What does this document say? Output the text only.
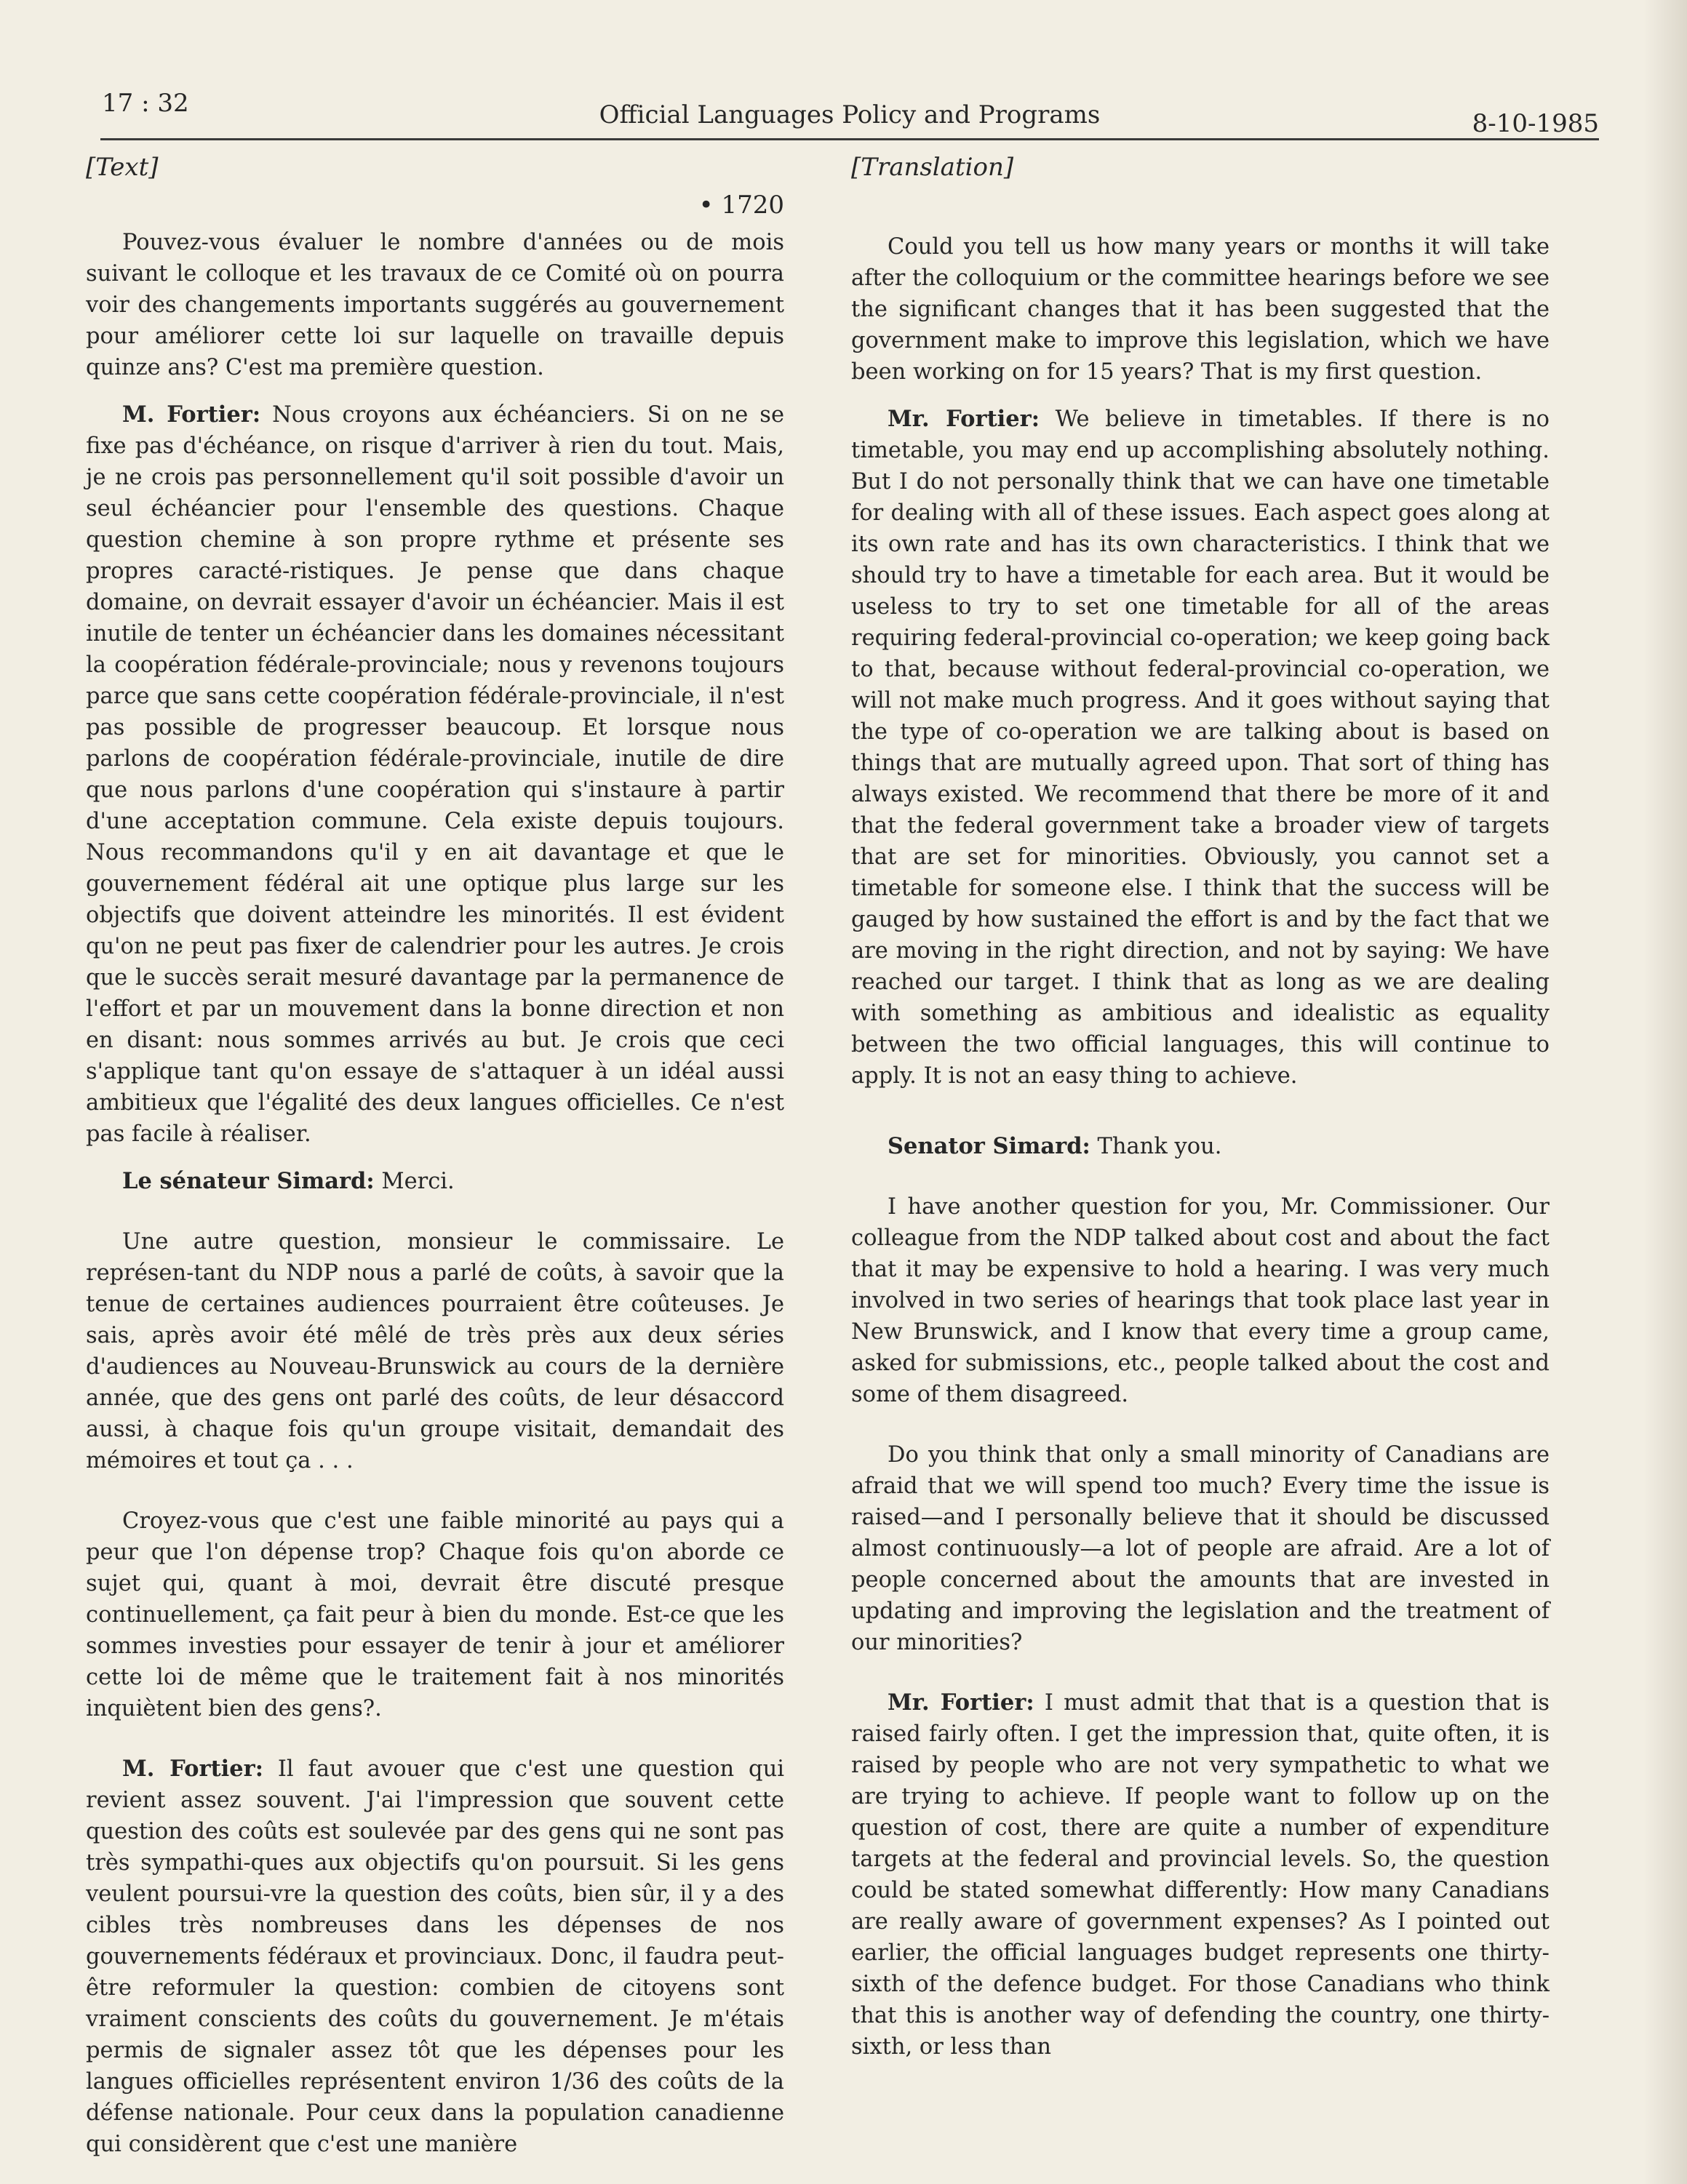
17 : 32	Official Languages Policy and Programs	8-10-1985
[Text]
• 1720

Pouvez-vous évaluer le nombre d'années ou de mois suivant le colloque et les travaux de ce Comité où on pourra voir des changements importants suggérés au gouvernement pour améliorer cette loi sur laquelle on travaille depuis quinze ans? C'est ma première question.

M. Fortier: Nous croyons aux échéanciers. Si on ne se fixe pas d'échéance, on risque d'arriver à rien du tout. Mais, je ne crois pas personnellement qu'il soit possible d'avoir un seul échéancier pour l'ensemble des questions. Chaque question chemine à son propre rythme et présente ses propres caracté-ristiques. Je pense que dans chaque domaine, on devrait essayer d'avoir un échéancier. Mais il est inutile de tenter un échéancier dans les domaines nécessitant la coopération fédérale-provinciale; nous y revenons toujours parce que sans cette coopération fédérale-provinciale, il n'est pas possible de progresser beaucoup. Et lorsque nous parlons de coopération fédérale-provinciale, inutile de dire que nous parlons d'une coopération qui s'instaure à partir d'une acceptation commune. Cela existe depuis toujours. Nous recommandons qu'il y en ait davantage et que le gouvernement fédéral ait une optique plus large sur les objectifs que doivent atteindre les minorités. Il est évident qu'on ne peut pas fixer de calendrier pour les autres. Je crois que le succès serait mesuré davantage par la permanence de l'effort et par un mouvement dans la bonne direction et non en disant: nous sommes arrivés au but. Je crois que ceci s'applique tant qu'on essaye de s'attaquer à un idéal aussi ambitieux que l'égalité des deux langues officielles. Ce n'est pas facile à réaliser.

Le sénateur Simard: Merci.

Une autre question, monsieur le commissaire. Le représen-tant du NDP nous a parlé de coûts, à savoir que la tenue de certaines audiences pourraient être coûteuses. Je sais, après avoir été mêlé de très près aux deux séries d'audiences au Nouveau-Brunswick au cours de la dernière année, que des gens ont parlé des coûts, de leur désaccord aussi, à chaque fois qu'un groupe visitait, demandait des mémoires et tout ça . . .

Croyez-vous que c'est une faible minorité au pays qui a peur que l'on dépense trop? Chaque fois qu'on aborde ce sujet qui, quant à moi, devrait être discuté presque continuellement, ça fait peur à bien du monde. Est-ce que les sommes investies pour essayer de tenir à jour et améliorer cette loi de même que le traitement fait à nos minorités inquiètent bien des gens?.

M. Fortier: Il faut avouer que c'est une question qui revient assez souvent. J'ai l'impression que souvent cette question des coûts est soulevée par des gens qui ne sont pas très sympathi-ques aux objectifs qu'on poursuit. Si les gens veulent poursui-vre la question des coûts, bien sûr, il y a des cibles très nombreuses dans les dépenses de nos gouvernements fédéraux et provinciaux. Donc, il faudra peut-être reformuler la question: combien de citoyens sont vraiment conscients des coûts du gouvernement. Je m'étais permis de signaler assez tôt que les dépenses pour les langues officielles représentent environ 1/36 des coûts de la défense nationale. Pour ceux dans la population canadienne qui considèrent que c'est une manière

[Translation]

Could you tell us how many years or months it will take after the colloquium or the committee hearings before we see the significant changes that it has been suggested that the government make to improve this legislation, which we have been working on for 15 years? That is my first question.

Mr. Fortier: We believe in timetables. If there is no timetable, you may end up accomplishing absolutely nothing. But I do not personally think that we can have one timetable for dealing with all of these issues. Each aspect goes along at its own rate and has its own characteristics. I think that we should try to have a timetable for each area. But it would be useless to try to set one timetable for all of the areas requiring federal-provincial co-operation; we keep going back to that, because without federal-provincial co-operation, we will not make much progress. And it goes without saying that the type of co-operation we are talking about is based on things that are mutually agreed upon. That sort of thing has always existed. We recommend that there be more of it and that the federal government take a broader view of targets that are set for minorities. Obviously, you cannot set a timetable for someone else. I think that the success will be gauged by how sustained the effort is and by the fact that we are moving in the right direction, and not by saying: We have reached our target. I think that as long as we are dealing with something as ambitious and idealistic as equality between the two official languages, this will continue to apply. It is not an easy thing to achieve.

Senator Simard: Thank you.

I have another question for you, Mr. Commissioner. Our colleague from the NDP talked about cost and about the fact that it may be expensive to hold a hearing. I was very much involved in two series of hearings that took place last year in New Brunswick, and I know that every time a group came, asked for submissions, etc., people talked about the cost and some of them disagreed.

Do you think that only a small minority of Canadians are afraid that we will spend too much? Every time the issue is raised—and I personally believe that it should be discussed almost continuously—a lot of people are afraid. Are a lot of people concerned about the amounts that are invested in updating and improving the legislation and the treatment of our minorities?

Mr. Fortier: I must admit that that is a question that is raised fairly often. I get the impression that, quite often, it is raised by people who are not very sympathetic to what we are trying to achieve. If people want to follow up on the question of cost, there are quite a number of expenditure targets at the federal and provincial levels. So, the question could be stated somewhat differently: How many Canadians are really aware of government expenses? As I pointed out earlier, the official languages budget represents one thirty-sixth of the defence budget. For those Canadians who think that this is another way of defending the country, one thirty-sixth, or less than
